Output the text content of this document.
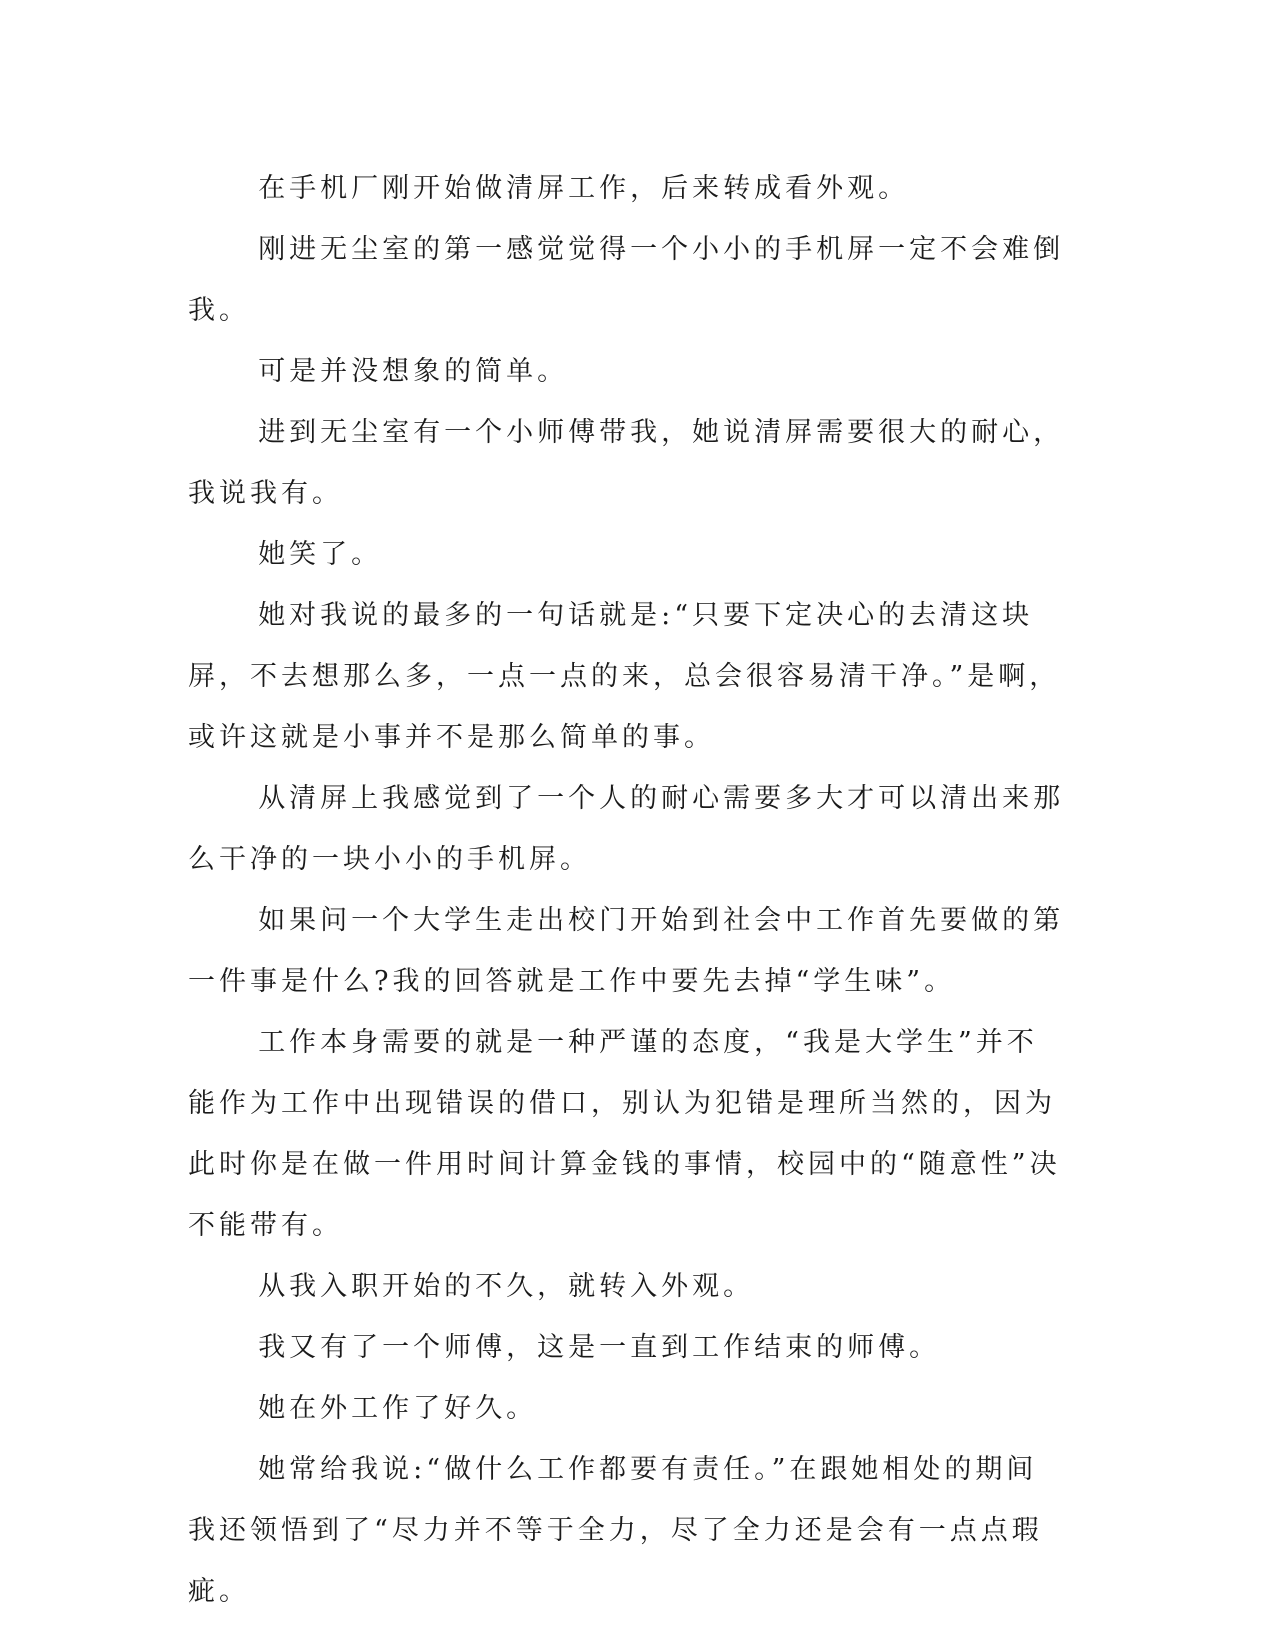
在手机厂刚开始做清屏工作，后来转成看外观。

刚进无尘室的第一感觉觉得一个小小的手机屏一定不会难倒我。

可是并没想象的简单。

进到无尘室有一个小师傅带我，她说清屏需要很大的耐心，我说我有。

她笑了。

她对我说的最多的一句话就是:“只要下定决心的去清这块屏，不去想那么多，一点一点的来，总会很容易清干净。”是啊，或许这就是小事并不是那么简单的事。

从清屏上我感觉到了一个人的耐心需要多大才可以清出来那么干净的一块小小的手机屏。

如果问一个大学生走出校门开始到社会中工作首先要做的第一件事是什么?我的回答就是工作中要先去掉“学生味”。

工作本身需要的就是一种严谨的态度，“我是大学生”并不能作为工作中出现错误的借口，别认为犯错是理所当然的，因为此时你是在做一件用时间计算金钱的事情，校园中的“随意性”决不能带有。

从我入职开始的不久，就转入外观。

我又有了一个师傅，这是一直到工作结束的师傅。

她在外工作了好久。

她常给我说:“做什么工作都要有责任。”在跟她相处的期间我还领悟到了“尽力并不等于全力，尽了全力还是会有一点点瑕疵。
